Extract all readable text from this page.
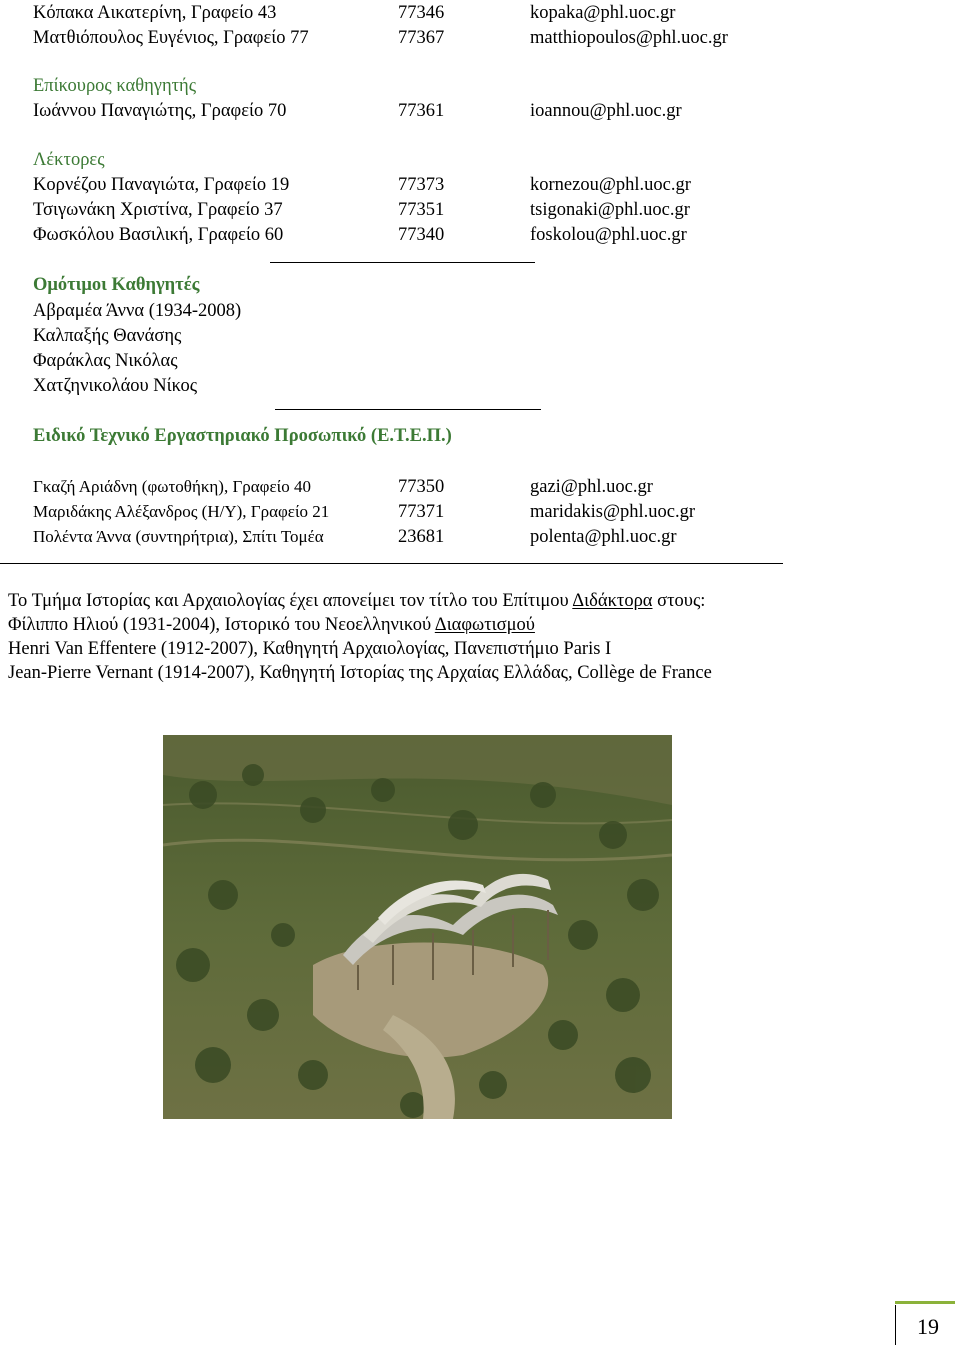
Κόπακα Αικατερίνη, Γραφείο 43	77346	kopaka@phl.uoc.gr
Ματθιόπουλος Ευγένιος, Γραφείο 77	77367	matthiopoulos@phl.uoc.gr
Επίκουρος καθηγητής
Ιωάννου Παναγιώτης, Γραφείο 70	77361	ioannou@phl.uoc.gr
Λέκτορες
Κορνέζου Παναγιώτα, Γραφείο 19	77373	kornezou@phl.uoc.gr
Τσιγωνάκη Χριστίνα, Γραφείο 37	77351	tsigonaki@phl.uoc.gr
Φωσκόλου Βασιλική, Γραφείο 60	77340	foskolou@phl.uoc.gr
Ομότιμοι Καθηγητές
Αβραμέα Άννα (1934-2008)
Καλπαξής Θανάσης
Φαράκλας Νικόλας
Χατζηνικολάου Νίκος
Ειδικό Τεχνικό Εργαστηριακό Προσωπικό (Ε.Τ.Ε.Π.)
Γκαζή Αριάδνη (φωτοθήκη), Γραφείο 40	77350	gazi@phl.uoc.gr
Μαριδάκης Αλέξανδρος (Η/Υ), Γραφείο 21	77371	maridakis@phl.uoc.gr
Πολέντα Άννα (συντηρήτρια), Σπίτι Τομέα	23681	polenta@phl.uoc.gr
Το Τμήμα Ιστορίας και Αρχαιολογίας έχει απονείμει τον τίτλο του Επίτιμου Διδάκτορα στους:
Φίλιππο Ηλιού (1931-2004), Ιστορικό του Νεοελληνικού Διαφωτισμού
Henri Van Effentere (1912-2007), Καθηγητή Αρχαιολογίας, Πανεπιστήμιο Paris I
Jean-Pierre Vernant (1914-2007), Καθηγητή Ιστορίας της Αρχαίας Ελλάδας, Collège de France
19
